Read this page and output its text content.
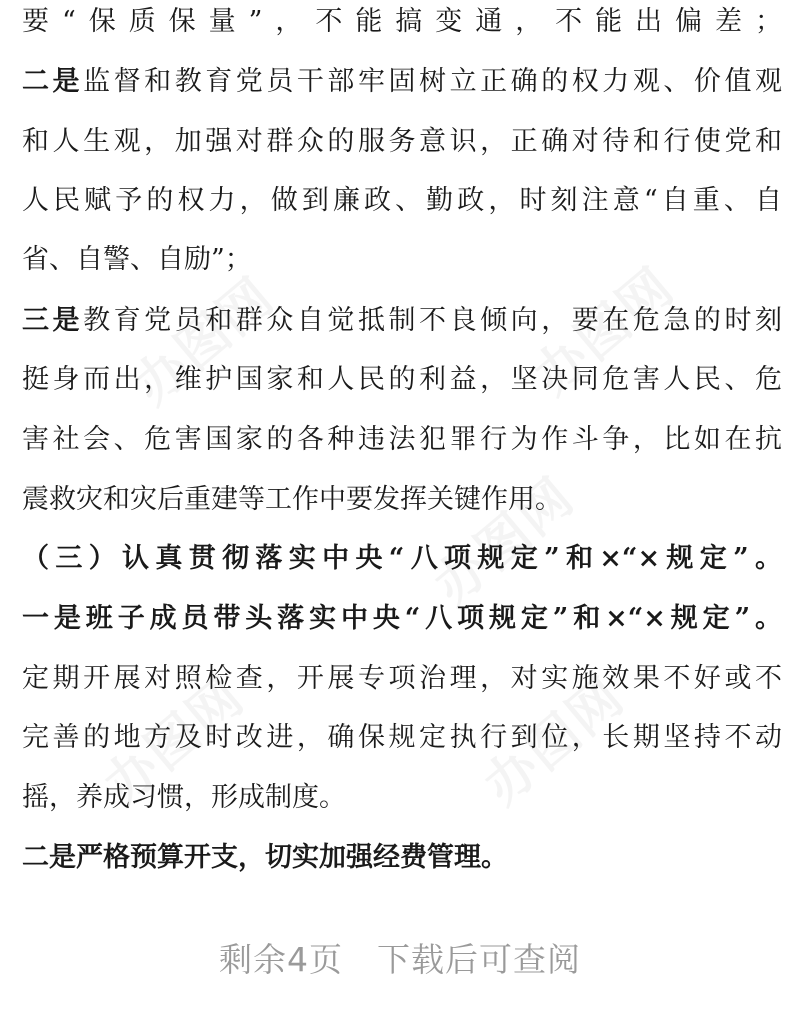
要“保质保量”，不能搞变通，不能出偏差；
二是监督和教育党员干部牢固树立正确的权力观、价值观
和人生观，加强对群众的服务意识，正确对待和行使党和
人民赋予的权力，做到廉政、勤政，时刻注意“自重、自
省、自警、自励”；
三是教育党员和群众自觉抵制不良倾向，要在危急的时刻
挺身而出，维护国家和人民的利益，坚决同危害人民、危
害社会、危害国家的各种违法犯罪行为作斗争，比如在抗
震救灾和灾后重建等工作中要发挥关键作用。
（三）认真贯彻落实中央“八项规定”和×“×规定”。
一是班子成员带头落实中央“八项规定”和×“×规定”。
定期开展对照检查，开展专项治理，对实施效果不好或不
完善的地方及时改进，确保规定执行到位，长期坚持不动
摇，养成习惯，形成制度。
二是严格预算开支，切实加强经费管理。
剩余4页　下载后可查阅
